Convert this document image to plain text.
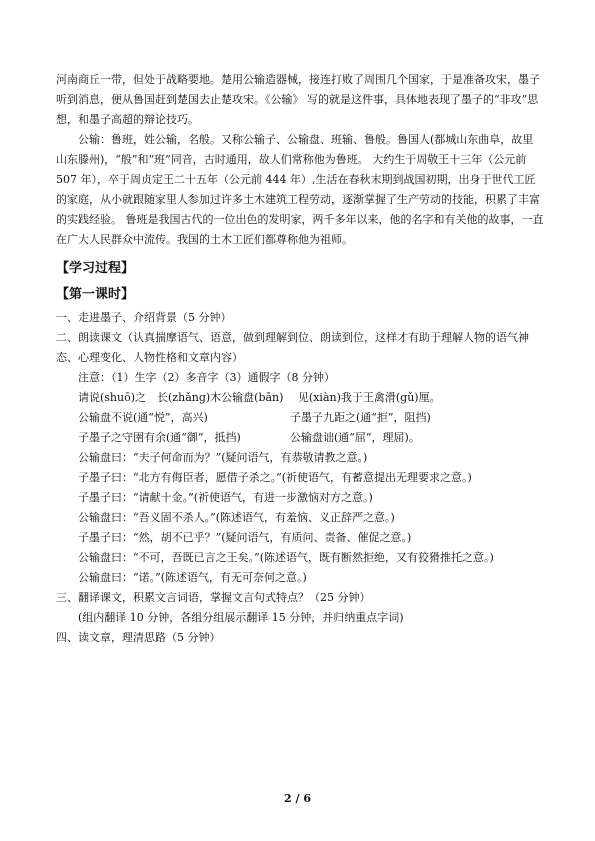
河南商丘一带，但处于战略要地。楚用公输造器械，接连打败了周围几个国家，于是准备攻宋，墨子听到消息，便从鲁国赶到楚国去止楚攻宋。《公输》 写的就是这件事，具体地表现了墨子的“非攻”思想，和墨子高超的辩论技巧。

公输：鲁班，姓公输，名般。又称公输子、公输盘、班输、鲁般。鲁国人(都城山东曲阜，故里山东滕州)，“般”和“班”同音，古时通用，故人们常称他为鲁班。 大约生于周敬王十三年（公元前 507 年），卒于周贞定王二十五年（公元前 444 年）,生活在春秋末期到战国初期，出身于世代工匠的家庭，从小就跟随家里人参加过许多土木建筑工程劳动，逐渐掌握了生产劳动的技能，积累了丰富的实践经验。 鲁班是我国古代的一位出色的发明家，两千多年以来，他的名字和有关他的故事，一直在广大人民群众中流传。我国的土木工匠们都尊称他为祖师。

【学习过程】

【第一课时】

一、走进墨子、介绍背景（5 分钟）

二、朗读课文（认真揣摩语气、语意，做到理解到位、朗读到位，这样才有助于理解人物的语气神态、心理变化、人物性格和文章内容）

注意：（1）生字（2）多音字（3）通假字（8 分钟）

请说(shuō)之　长(zhǎng)木公输盘(bān)　 见(xiàn)我于王禽滑(gǔ)厘。

公输盘不说(通“悦”，高兴)	子墨子九距之(通“拒”，阻挡)
子墨子之守圉有余(通“御”，抵挡)	公输盘诎(通“屈”，理屈)。

公输盘曰：“夫子何命而为？”(疑问语气，有恭敬请教之意。)

子墨子曰：“北方有侮臣者，愿借子杀之。”(祈使语气，有蓄意提出无理要求之意。)

子墨子曰：“请献十金。”(祈使语气，有进一步激恼对方之意。)

公输盘曰：“吾义固不杀人。”(陈述语气，有羞恼、义正辞严之意。)

子墨子曰：“然，胡不已乎？”(疑问语气，有质问、责备、催促之意。)

公输盘曰：“不可，吾既已言之王矣。”(陈述语气，既有断然拒绝，又有狡猾推托之意。)

公输盘曰：“诺。”(陈述语气，有无可奈何之意。)

三、翻译课文，积累文言词语，掌握文言句式特点？（25 分钟）

(组内翻译 10 分钟，各组分组展示翻译 15 分钟，并归纳重点字词)

四、读文章，理清思路（5 分钟）

2 / 6
